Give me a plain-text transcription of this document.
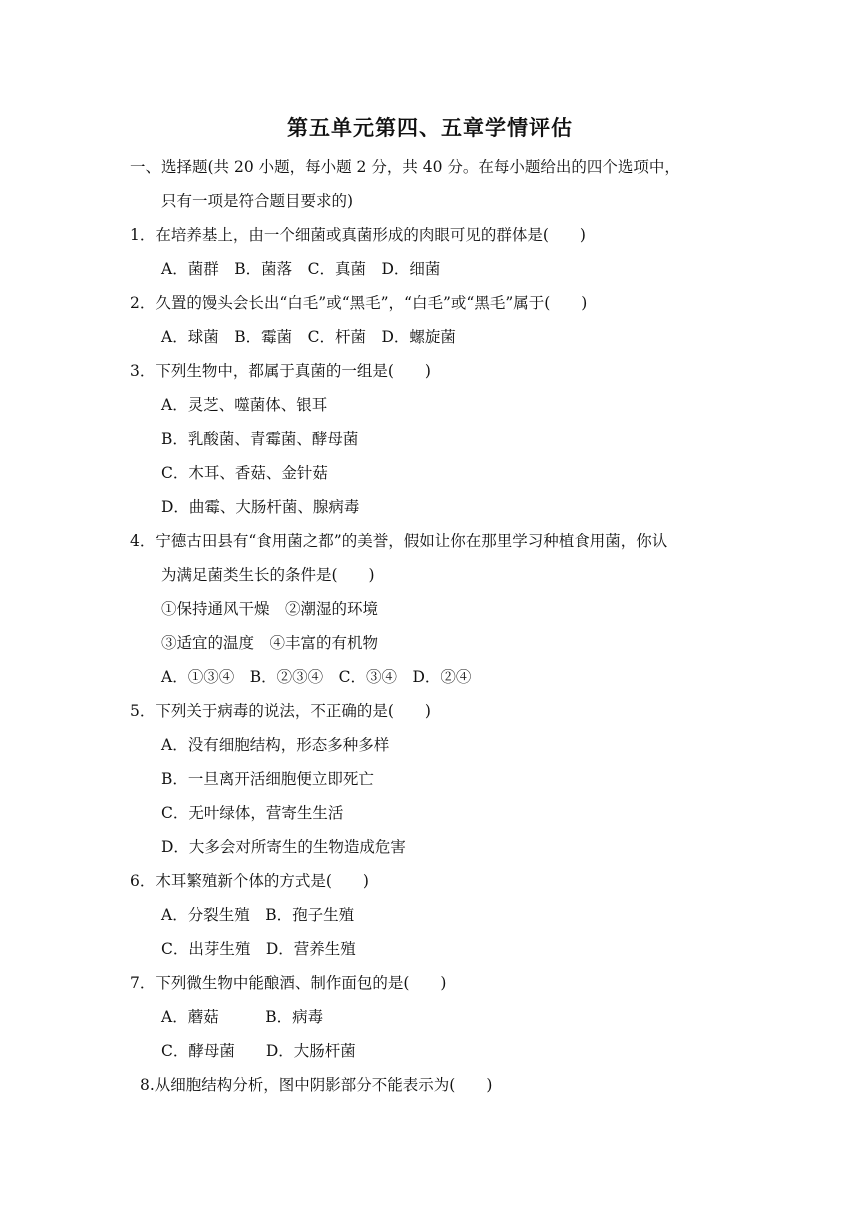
第五单元第四、五章学情评估
一、选择题(共 20 小题，每小题 2 分，共 40 分。在每小题给出的四个选项中，
只有一项是符合题目要求的)
1．在培养基上，由一个细菌或真菌形成的肉眼可见的群体是(　　)
A．菌群　B．菌落　C．真菌　D．细菌
2．久置的馒头会长出“白毛”或“黑毛”，“白毛”或“黑毛”属于(　　)
A．球菌　B．霉菌　C．杆菌　D．螺旋菌
3．下列生物中，都属于真菌的一组是(　　)
A．灵芝、噬菌体、银耳
B．乳酸菌、青霉菌、酵母菌
C．木耳、香菇、金针菇
D．曲霉、大肠杆菌、腺病毒
4．宁德古田县有“食用菌之都”的美誉，假如让你在那里学习种植食用菌，你认
为满足菌类生长的条件是(　　)
①保持通风干燥　②潮湿的环境
③适宜的温度　④丰富的有机物
A．①③④　B．②③④　C．③④　D．②④
5．下列关于病毒的说法，不正确的是(　　)
A．没有细胞结构，形态多种多样
B．一旦离开活细胞便立即死亡
C．无叶绿体，营寄生生活
D．大多会对所寄生的生物造成危害
6．木耳繁殖新个体的方式是(　　)
A．分裂生殖　B．孢子生殖
C．出芽生殖　D．营养生殖
7．下列微生物中能酿酒、制作面包的是(　　)
A．蘑菇　　　B．病毒
C．酵母菌　　D．大肠杆菌
8.从细胞结构分析，图中阴影部分不能表示为(　　)
